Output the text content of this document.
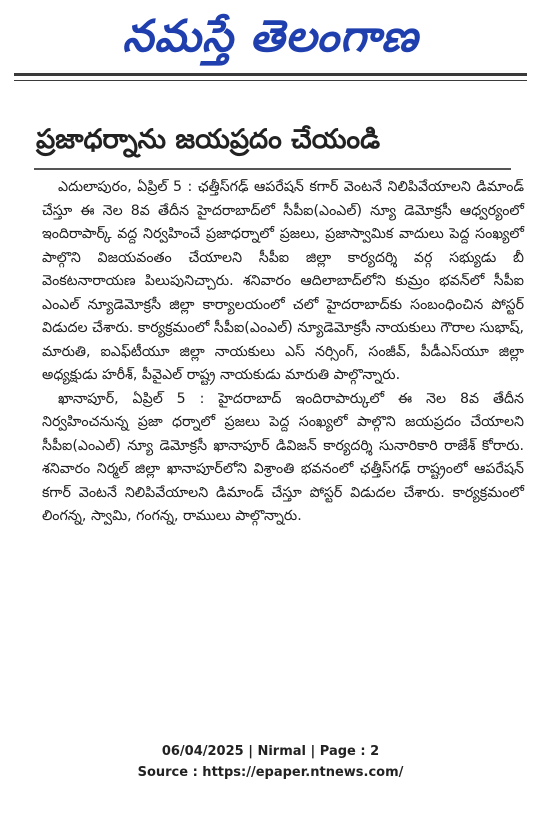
నమస్తే తెలంగాణ
ప్రజాధర్నాను జయప్రదం చేయండి

ఎదులాపురం, ఏప్రిల్ 5 : ఛత్తీస్‌గఢ్ ఆపరేషన్ కగార్ వెంటనే నిలిపివేయాలని డిమాండ్ చేస్తూ ఈ నెల 8వ తేదీన హైదరాబాద్‌లో సీపీఐ(ఎంఎల్) న్యూ డెమోక్రసీ ఆధ్వర్యంలో ఇందిరాపార్క్ వద్ద నిర్వహించే ప్రజాధర్నాలో ప్రజలు, ప్రజాస్వామిక వాదులు పెద్ద సంఖ్యలో పాల్గొని విజయవంతం చేయాలని సీపీఐ జిల్లా కార్యదర్శి వర్గ సభ్యుడు బీ వెంకటనారాయణ పిలుపునిచ్చారు. శనివారం ఆదిలాబాద్‌లోని కుమ్రం భవన్‌లో సీపీఐ ఎంఎల్ న్యూడెమోక్రసీ జిల్లా కార్యాలయంలో చలో హైదరాబాద్‌కు సంబంధించిన పోస్టర్ విడుదల చేశారు. కార్యక్రమంలో సీపీఐ(ఎంఎల్) న్యూడెమోక్రసీ నాయకులు గౌరాల సుభాష్, మారుతి, ఐఎఫ్‌టీయూ జిల్లా నాయకులు ఎస్ నర్సింగ్, సంజీవ్, పీడీఎస్‌యూ జిల్లా అధ్యక్షుడు హరీశ్, పీవైఎల్ రాష్ట్ర నాయకుడు మారుతి పాల్గొన్నారు.

ఖానాపూర్, ఏప్రిల్ 5 : హైదరాబాద్ ఇందిరాపార్కులో ఈ నెల 8వ తేదీన నిర్వహించనున్న ప్రజా ధర్నాలో ప్రజలు పెద్ద సంఖ్యలో పాల్గొని జయప్రదం చేయాలని సీపీఐ(ఎంఎల్) న్యూ డెమోక్రసీ ఖానాపూర్ డివిజన్ కార్యదర్శి సునారికారి రాజేశ్ కోరారు. శనివారం నిర్మల్ జిల్లా ఖానాపూర్‌లోని విశ్రాంతి భవనంలో ఛత్తీస్‌గఢ్ రాష్ట్రంలో ఆపరేషన్ కగార్ వెంటనే నిలిపివేయాలని డిమాండ్ చేస్తూ పోస్టర్ విడుదల చేశారు. కార్యక్రమంలో లింగన్న, స్వామి, గంగన్న, రాములు పాల్గొన్నారు.

06/04/2025 | Nirmal | Page : 2
Source : https://epaper.ntnews.com/
